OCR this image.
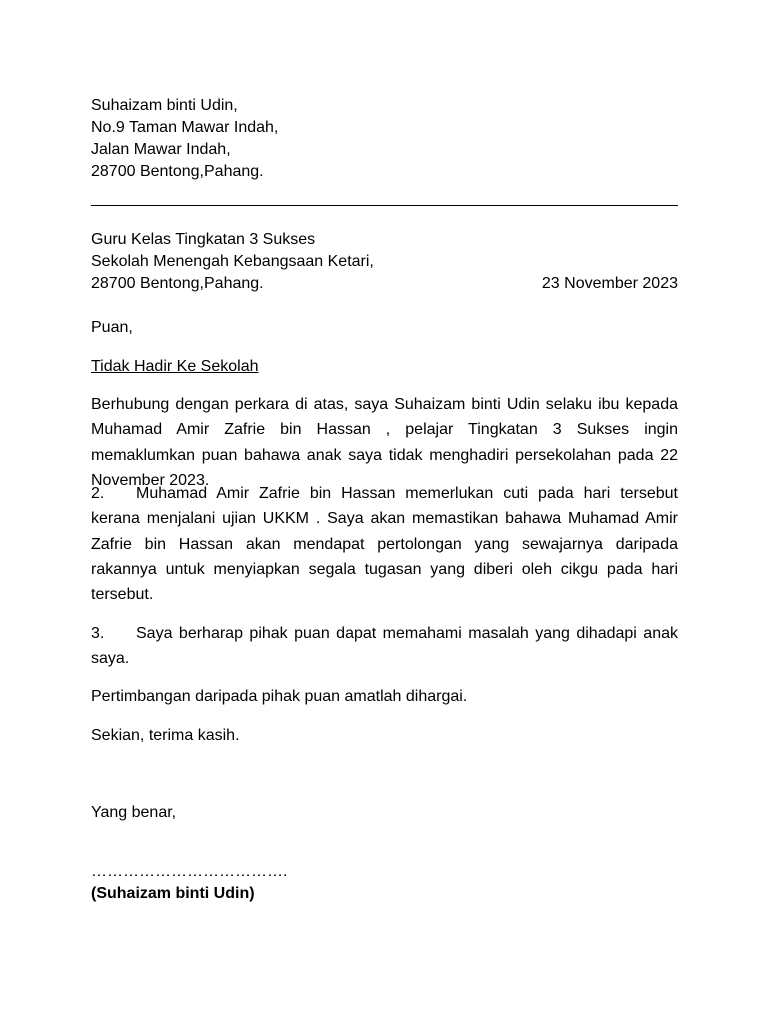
Suhaizam binti Udin,
No.9 Taman Mawar Indah,
Jalan Mawar Indah,
28700 Bentong,Pahang.
Guru Kelas Tingkatan 3 Sukses
Sekolah Menengah Kebangsaan Ketari,
28700 Bentong,Pahang.	23 November 2023
Puan,
Tidak Hadir Ke Sekolah
Berhubung dengan perkara di atas, saya Suhaizam binti Udin selaku ibu kepada Muhamad Amir Zafrie bin Hassan , pelajar Tingkatan 3 Sukses ingin memaklumkan puan bahawa anak saya tidak menghadiri persekolahan pada 22 November 2023.
2. Muhamad Amir Zafrie bin Hassan memerlukan cuti pada hari tersebut kerana menjalani ujian UKKM . Saya akan memastikan bahawa Muhamad Amir Zafrie bin Hassan akan mendapat pertolongan yang sewajarnya daripada rakannya untuk menyiapkan segala tugasan yang diberi oleh cikgu pada hari tersebut.
3. Saya berharap pihak puan dapat memahami masalah yang dihadapi anak saya.
Pertimbangan daripada pihak puan amatlah dihargai.
Sekian, terima kasih.
Yang benar,
……………………………….
(Suhaizam binti Udin)
